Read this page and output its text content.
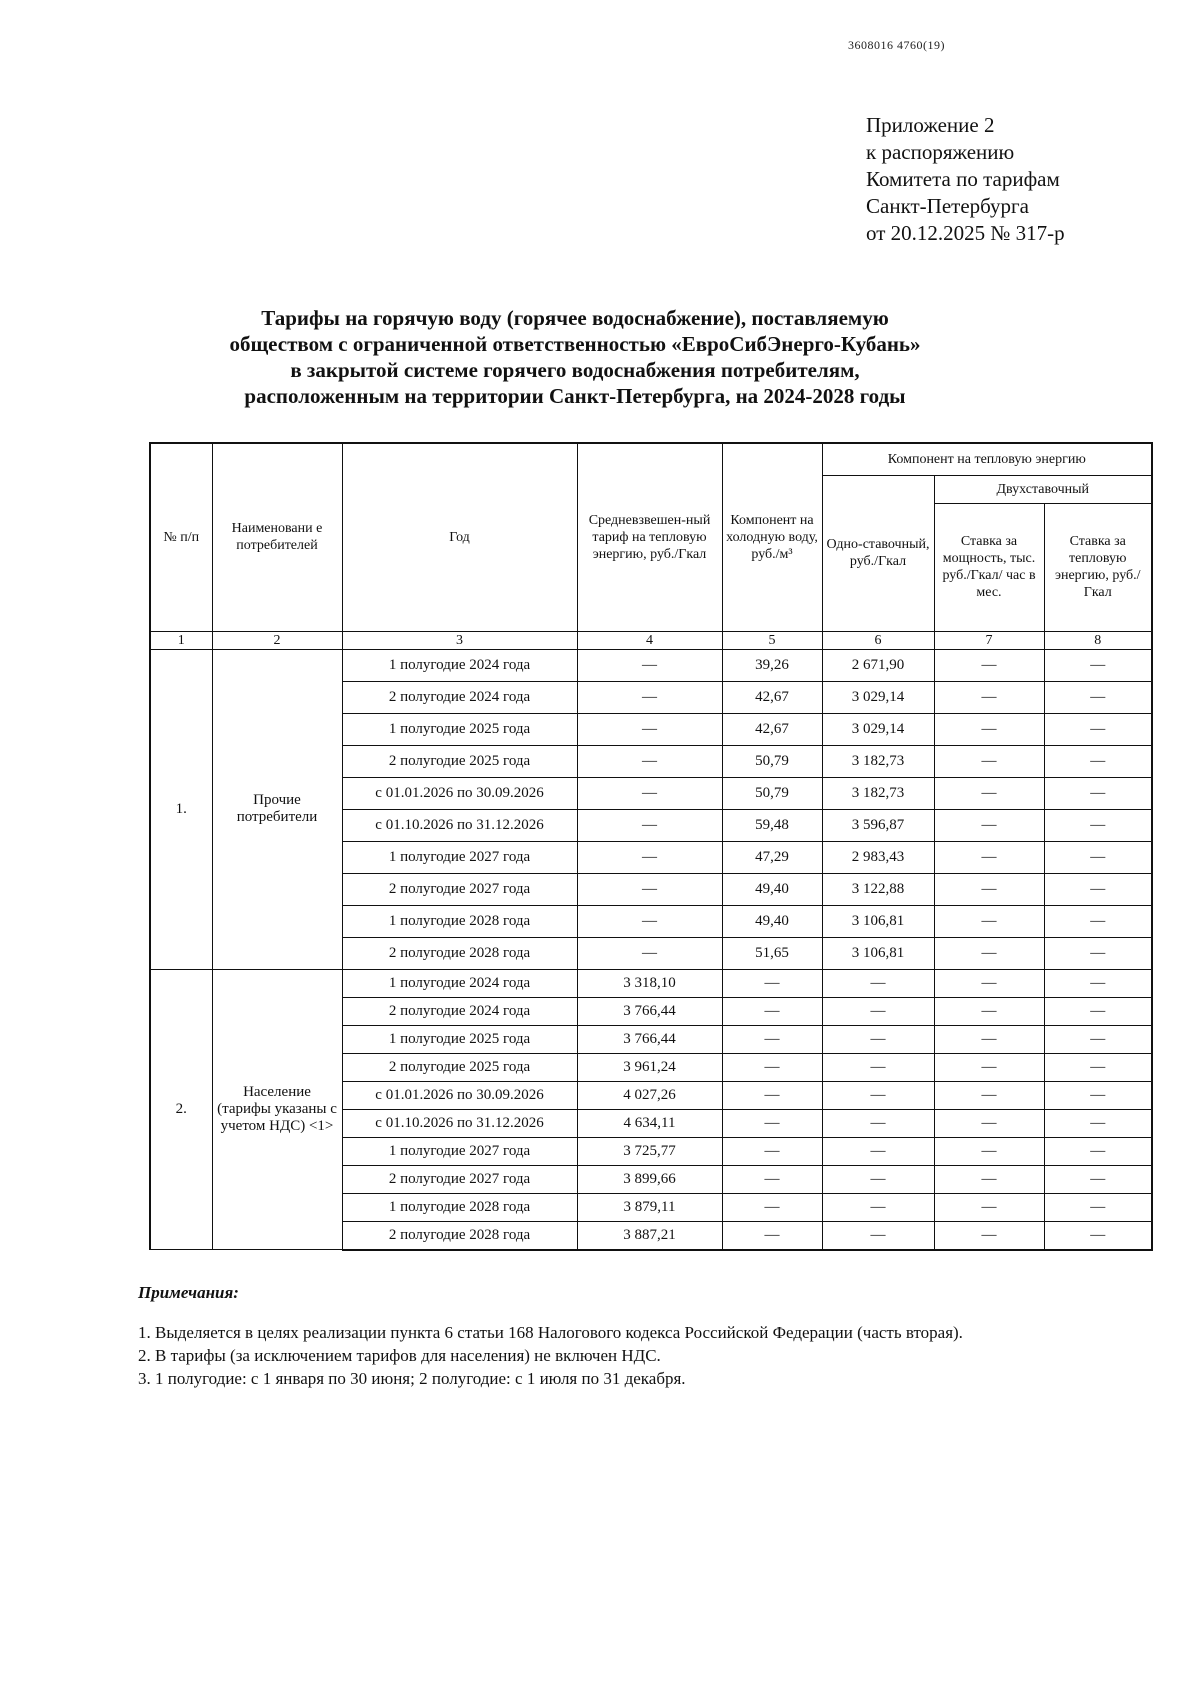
3608016 4760(19)
Приложение 2
к распоряжению
Комитета по тарифам
Санкт-Петербурга
от 20.12.2025 № 317-р
Тарифы на горячую воду (горячее водоснабжение), поставляемую
обществом с ограниченной ответственностью «ЕвроСибЭнерго-Кубань»
в закрытой системе горячего водоснабжения потребителям,
расположенным на территории Санкт-Петербурга, на 2024-2028 годы
№ п/п	Наименовани е потребителей	Год	Средневзвешен-ный тариф на тепловую энергию, руб./Гкал	Компонент на холодную воду, руб./м³	Компонент на тепловую энергию		
					Одно-ставочный, руб./Гкал	Двухставочный	
						Ставка за мощность, тыс. руб./Гкал/ час в мес.	Ставка за тепловую энергию, руб./Гкал
1	2	3	4	5	6	7	8
1.	Прочие потребители	1 полугодие 2024 года	—	39,26	2 671,90	—	—
		2 полугодие 2024 года	—	42,67	3 029,14	—	—
		1 полугодие 2025 года	—	42,67	3 029,14	—	—
		2 полугодие 2025 года	—	50,79	3 182,73	—	—
		с 01.01.2026 по 30.09.2026	—	50,79	3 182,73	—	—
		с 01.10.2026 по 31.12.2026	—	59,48	3 596,87	—	—
		1 полугодие 2027 года	—	47,29	2 983,43	—	—
		2 полугодие 2027 года	—	49,40	3 122,88	—	—
		1 полугодие 2028 года	—	49,40	3 106,81	—	—
		2 полугодие 2028 года	—	51,65	3 106,81	—	—
2.	Население (тарифы указаны с учетом НДС) <1>	1 полугодие 2024 года	3 318,10	—	—	—	—
		2 полугодие 2024 года	3 766,44	—	—	—	—
		1 полугодие 2025 года	3 766,44	—	—	—	—
		2 полугодие 2025 года	3 961,24	—	—	—	—
		с 01.01.2026 по 30.09.2026	4 027,26	—	—	—	—
		с 01.10.2026 по 31.12.2026	4 634,11	—	—	—	—
		1 полугодие 2027 года	3 725,77	—	—	—	—
		2 полугодие 2027 года	3 899,66	—	—	—	—
		1 полугодие 2028 года	3 879,11	—	—	—	—
		2 полугодие 2028 года	3 887,21	—	—	—	—
Примечания:
1. Выделяется в целях реализации пункта 6 статьи 168 Налогового кодекса Российской Федерации (часть вторая).
2. В тарифы (за исключением тарифов для населения) не включен НДС.
3. 1 полугодие: с 1 января по 30 июня; 2 полугодие: с 1 июля по 31 декабря.
